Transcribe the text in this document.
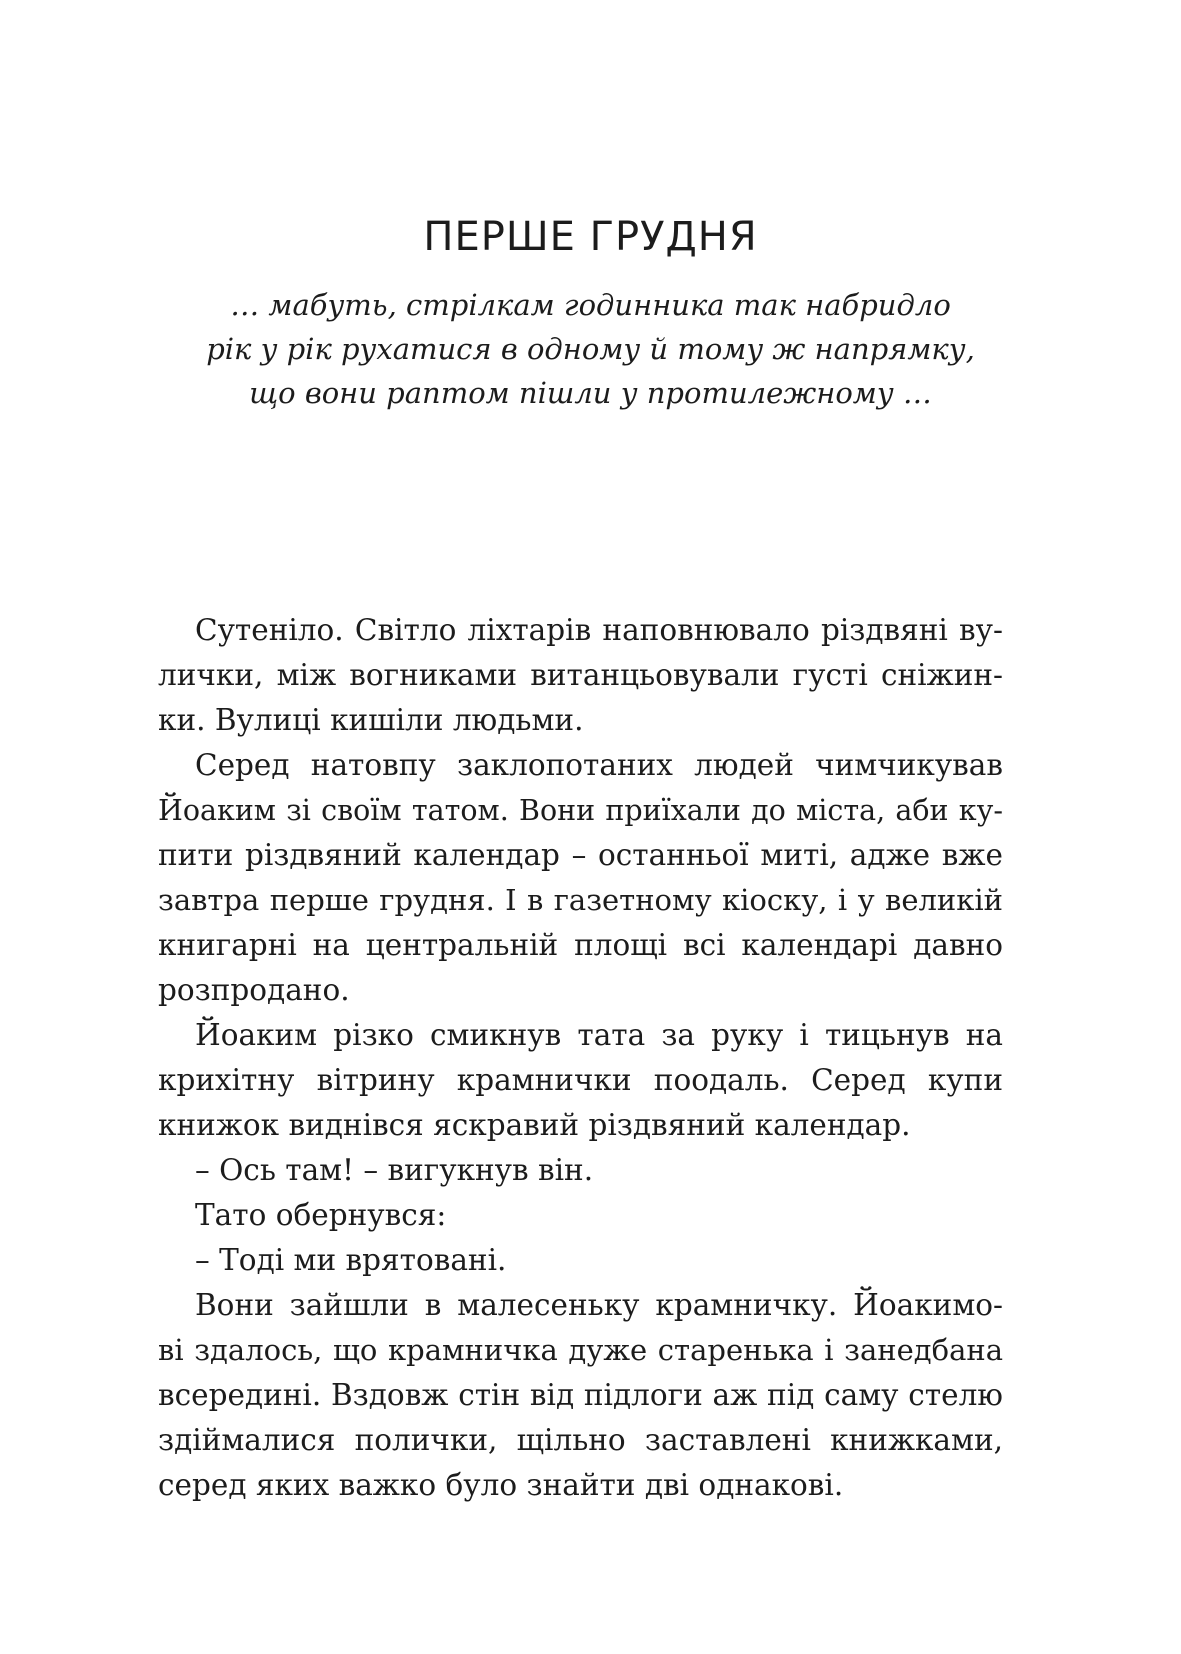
ПЕРШЕ ГРУДНЯ
… мабуть, стрілкам годинника так набридло
рік у рік рухатися в одному й тому ж напрямку,
що вони раптом пішли у протилежному …
Сутеніло. Світло ліхтарів наповнювало різдвяні ву-
лички, між вогниками витанцьовували густі сніжин-
ки. Вулиці кишіли людьми.
Серед натовпу заклопотаних людей чимчикував
Йоаким зі своїм татом. Вони приїхали до міста, аби ку-
пити різдвяний календар – останньої миті, адже вже
завтра перше грудня. І в газетному кіоску, і у великій
книгарні на центральній площі всі календарі давно
розпродано.
Йоаким різко смикнув тата за руку і тицьнув на
крихітну вітрину крамнички поодаль. Серед купи
книжок виднівся яскравий різдвяний календар.
– Ось там! – вигукнув він.
Тато обернувся:
– Тоді ми врятовані.
Вони зайшли в малесеньку крамничку. Йоакимо-
ві здалось, що крамничка дуже старенька і занедбана
всередині. Вздовж стін від підлоги аж під саму стелю
здіймалися полички, щільно заставлені книжками,
серед яких важко було знайти дві однакові.
